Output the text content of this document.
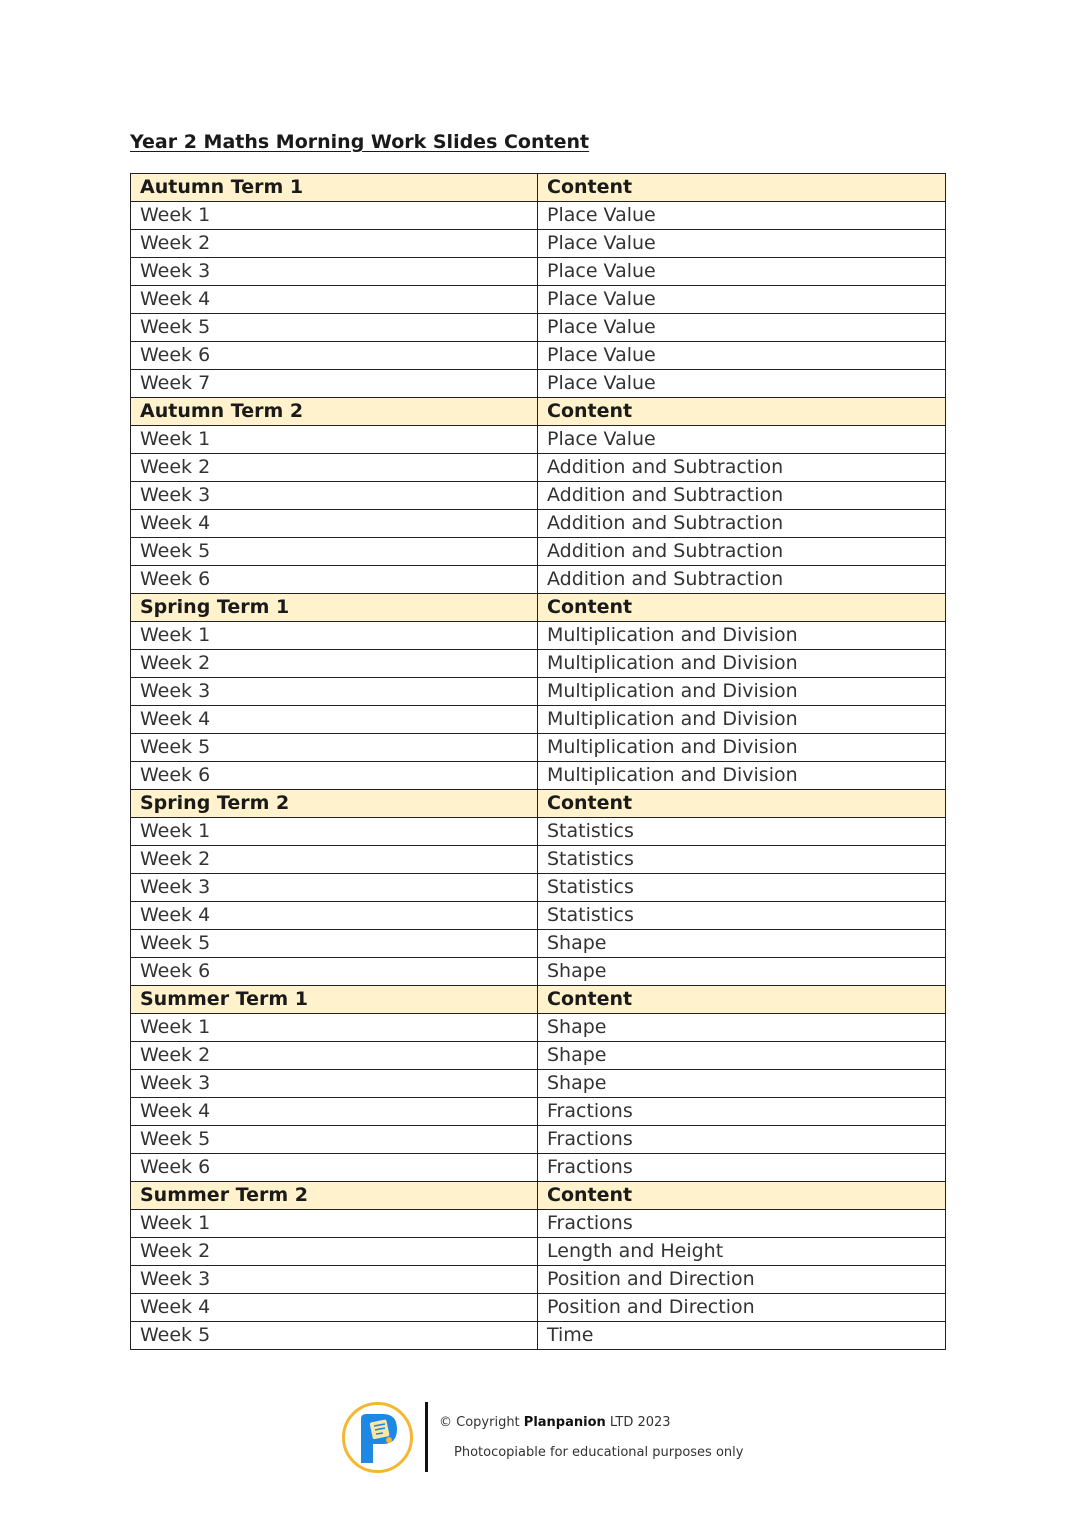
Year 2 Maths Morning Work Slides Content
Autumn Term 1	Content
Week 1	Place Value
Week 2	Place Value
Week 3	Place Value
Week 4	Place Value
Week 5	Place Value
Week 6	Place Value
Week 7	Place Value
Autumn Term 2	Content
Week 1	Place Value
Week 2	Addition and Subtraction
Week 3	Addition and Subtraction
Week 4	Addition and Subtraction
Week 5	Addition and Subtraction
Week 6	Addition and Subtraction
Spring Term 1	Content
Week 1	Multiplication and Division
Week 2	Multiplication and Division
Week 3	Multiplication and Division
Week 4	Multiplication and Division
Week 5	Multiplication and Division
Week 6	Multiplication and Division
Spring Term 2	Content
Week 1	Statistics
Week 2	Statistics
Week 3	Statistics
Week 4	Statistics
Week 5	Shape
Week 6	Shape
Summer Term 1	Content
Week 1	Shape
Week 2	Shape
Week 3	Shape
Week 4	Fractions
Week 5	Fractions
Week 6	Fractions
Summer Term 2	Content
Week 1	Fractions
Week 2	Length and Height
Week 3	Position and Direction
Week 4	Position and Direction
Week 5	Time
© Copyright Planpanion LTD 2023
Photocopiable for educational purposes only
